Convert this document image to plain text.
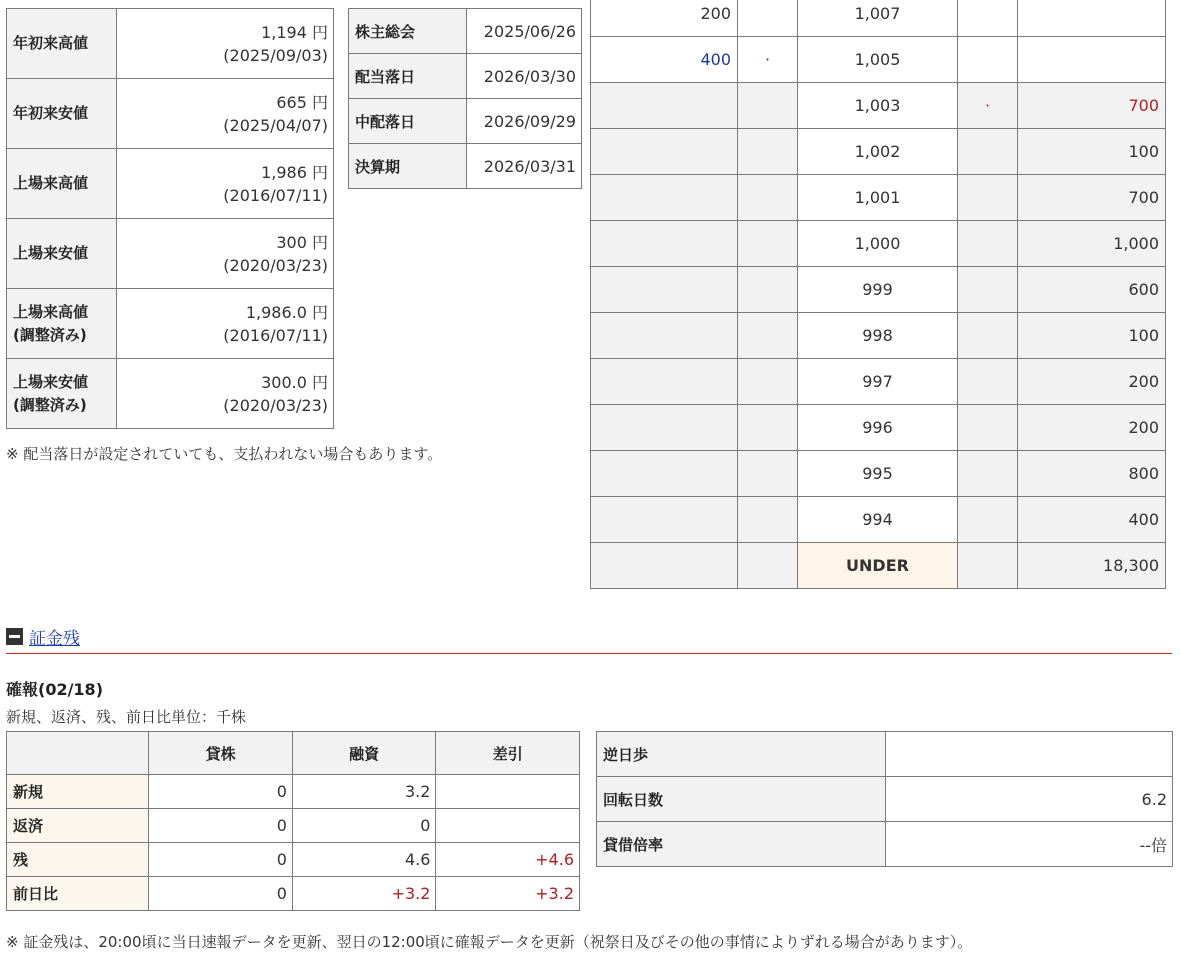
年初来高値	1,194 円
(2025/09/03)
年初来安値	665 円
(2025/04/07)
上場来高値	1,986 円
(2016/07/11)
上場来安値	300 円
(2020/03/23)
上場来高値
(調整済み)	1,986.0 円
(2016/07/11)
上場来安値
(調整済み)	300.0 円
(2020/03/23)
株主総会	2025/06/26
配当落日	2026/03/30
中配落日	2026/09/29
決算期	2026/03/31
※ 配当落日が設定されていても、支払われない場合もあります。
200		1,007		
400	·	1,005		
		1,003	·	700
		1,002		100
		1,001		700
		1,000		1,000
		999		600
		998		100
		997		200
		996		200
		995		800
		994		400
		UNDER		18,300
証金残
確報(02/18)
新規、返済、残、前日比単位：千株
	貸株	融資	差引
新規	0	3.2	
返済	0	0	
残	0	4.6	+4.6
前日比	0	+3.2	+3.2
逆日歩	
回転日数	6.2
貸借倍率	--倍
※ 証金残は、20:00頃に当日速報データを更新、翌日の12:00頃に確報データを更新（祝祭日及びその他の事情によりずれる場合があります）。
